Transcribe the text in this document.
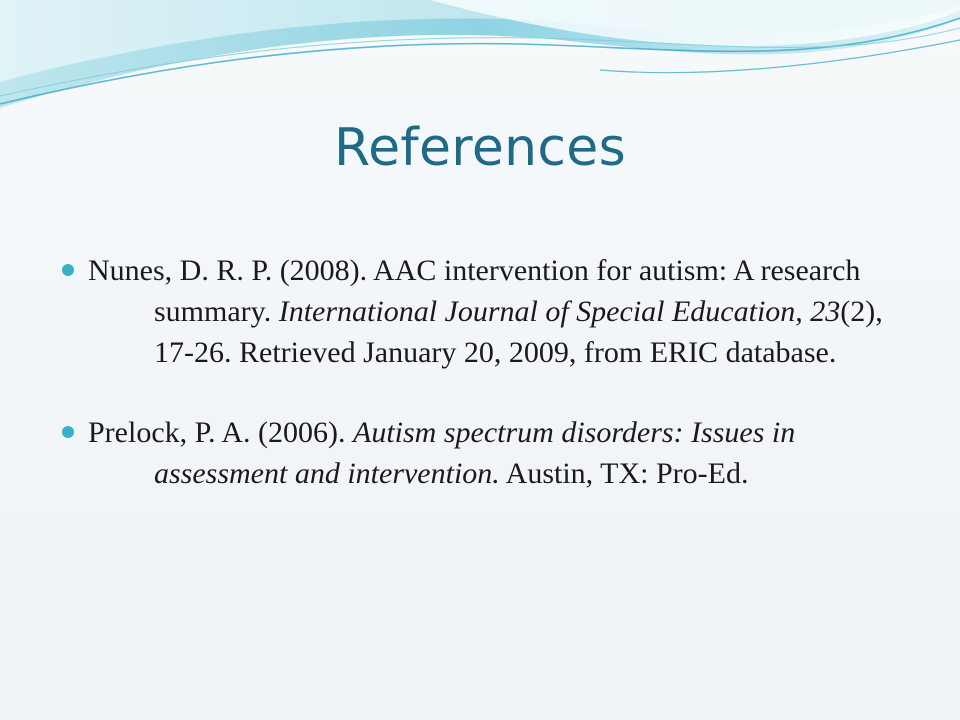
References
Nunes, D. R. P. (2008). AAC intervention for autism: A research summary. International Journal of Special Education, 23(2), 17-26. Retrieved January 20, 2009, from ERIC database.
Prelock, P. A. (2006). Autism spectrum disorders: Issues in assessment and intervention. Austin, TX: Pro-Ed.
